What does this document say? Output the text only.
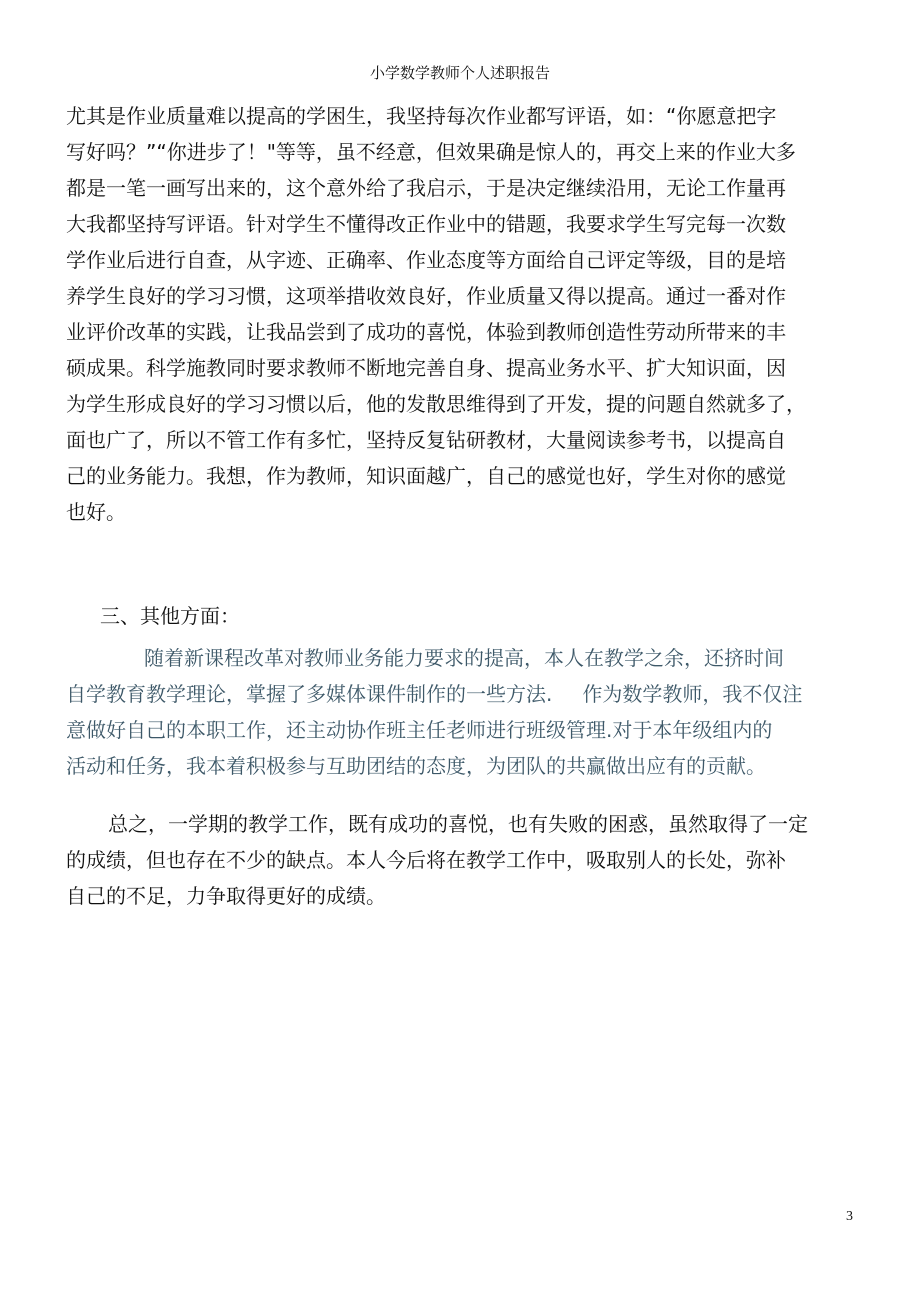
小学数学教师个人述职报告
尤其是作业质量难以提高的学困生，我坚持每次作业都写评语，如：“你愿意把字
写好吗？”“你进步了！"等等，虽不经意，但效果确是惊人的，再交上来的作业大多
都是一笔一画写出来的，这个意外给了我启示，于是决定继续沿用，无论工作量再
大我都坚持写评语。针对学生不懂得改正作业中的错题，我要求学生写完每一次数
学作业后进行自查，从字迹、正确率、作业态度等方面给自己评定等级，目的是培
养学生良好的学习习惯，这项举措收效良好，作业质量又得以提高。通过一番对作
业评价改革的实践，让我品尝到了成功的喜悦，体验到教师创造性劳动所带来的丰
硕成果。科学施教同时要求教师不断地完善自身、提高业务水平、扩大知识面，因
为学生形成良好的学习习惯以后，他的发散思维得到了开发，提的问题自然就多了，
面也广了，所以不管工作有多忙，坚持反复钻研教材，大量阅读参考书，以提高自
己的业务能力。我想，作为教师，知识面越广，自己的感觉也好，学生对你的感觉
也好。
三、其他方面：
随着新课程改革对教师业务能力要求的提高，本人在教学之余，还挤时间
自学教育教学理论，掌握了多媒体课件制作的一些方法. 作为数学教师，我不仅注
意做好自己的本职工作，还主动协作班主任老师进行班级管理.对于本年级组内的
活动和任务，我本着积极参与互助团结的态度，为团队的共赢做出应有的贡献。
总之，一学期的教学工作，既有成功的喜悦，也有失败的困惑，虽然取得了一定
的成绩，但也存在不少的缺点。本人今后将在教学工作中，吸取别人的长处，弥补
自己的不足，力争取得更好的成绩。
3
